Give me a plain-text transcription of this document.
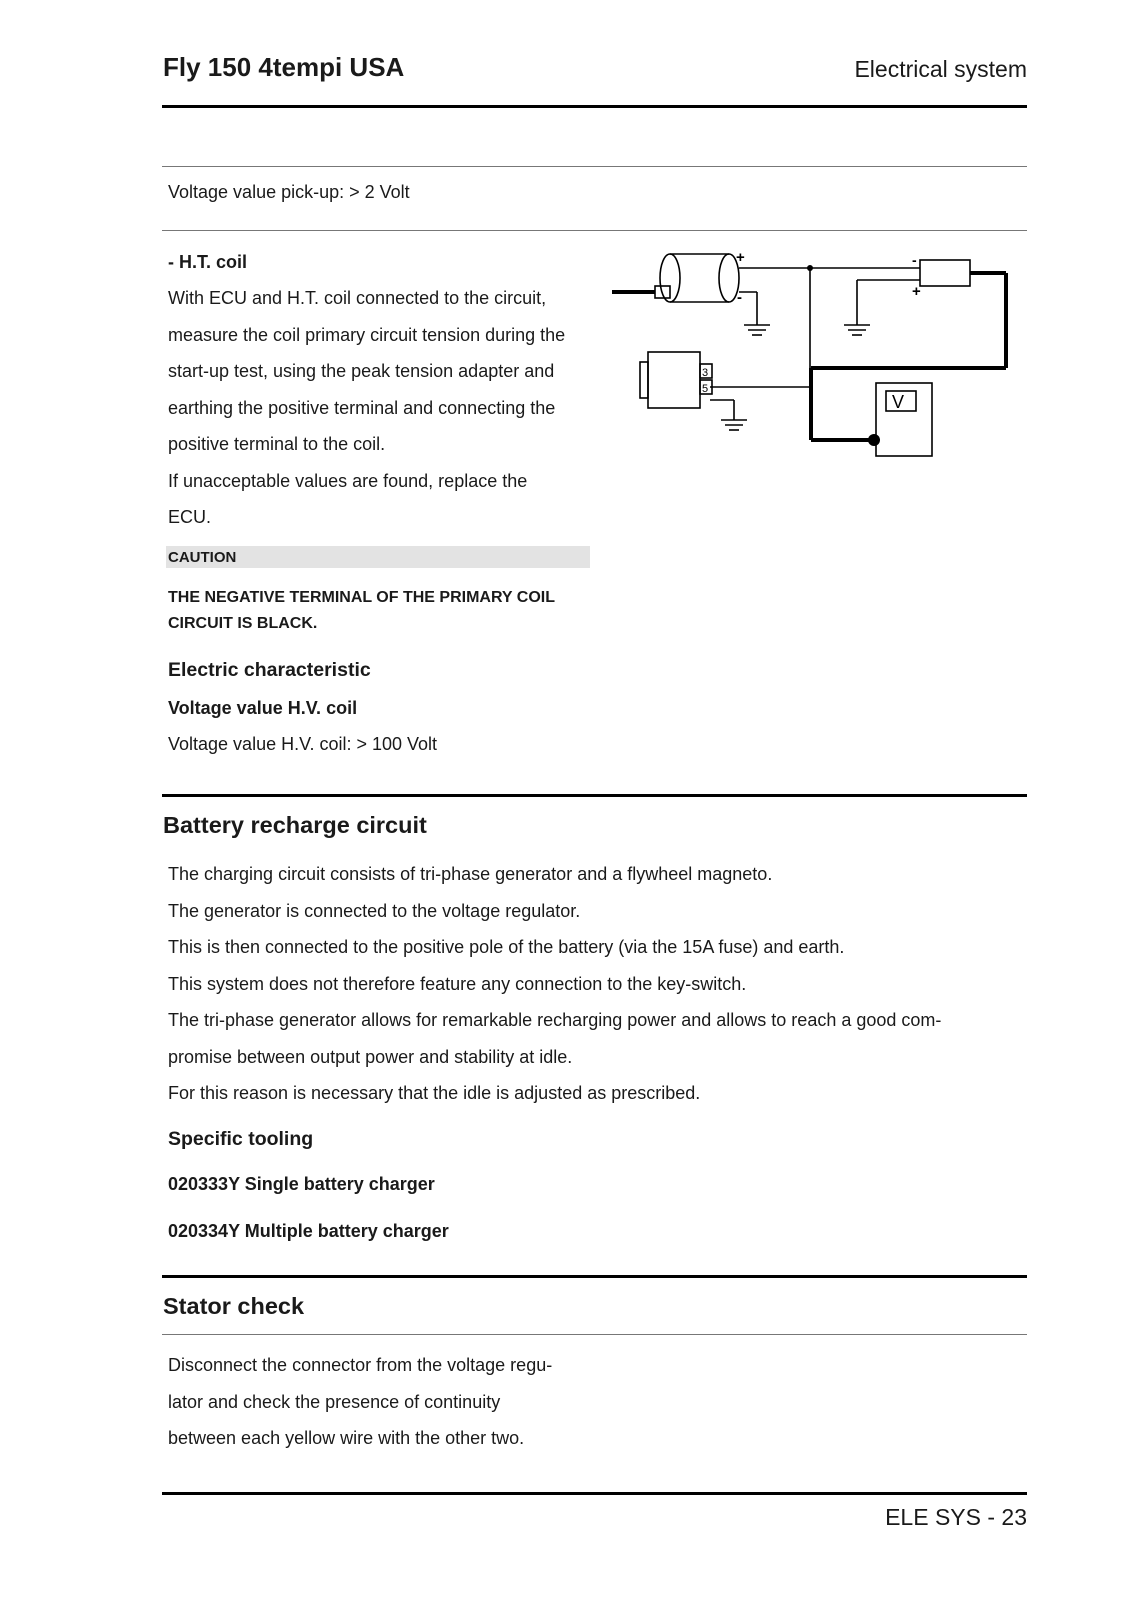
Fly 150 4tempi USA	Electrical system
Voltage value pick-up: > 2 Volt
- H.T. coil

With ECU and H.T. coil connected to the circuit,

measure the coil primary circuit tension during the

start-up test, using the peak tension adapter and

earthing the positive terminal and connecting the

positive terminal to the coil.

If unacceptable values are found, replace the

ECU.

CAUTION

THE NEGATIVE TERMINAL OF THE PRIMARY COIL

CIRCUIT IS BLACK.

+
-
-
+
3
5
V
Electric characteristic
Voltage value H.V. coil
Voltage value H.V. coil: > 100 Volt
Battery recharge circuit

The charging circuit consists of tri-phase generator and a flywheel magneto.

The generator is connected to the voltage regulator.

This is then connected to the positive pole of the battery (via the 15A fuse) and earth.

This system does not therefore feature any connection to the key-switch.

The tri-phase generator allows for remarkable recharging power and allows to reach a good com-

promise between output power and stability at idle.

For this reason is necessary that the idle is adjusted as prescribed.

Specific tooling
020333Y Single battery charger
020334Y Multiple battery charger
Stator check

Disconnect the connector from the voltage regu-

lator and check the presence of continuity

between each yellow wire with the other two.

ELE SYS - 23
